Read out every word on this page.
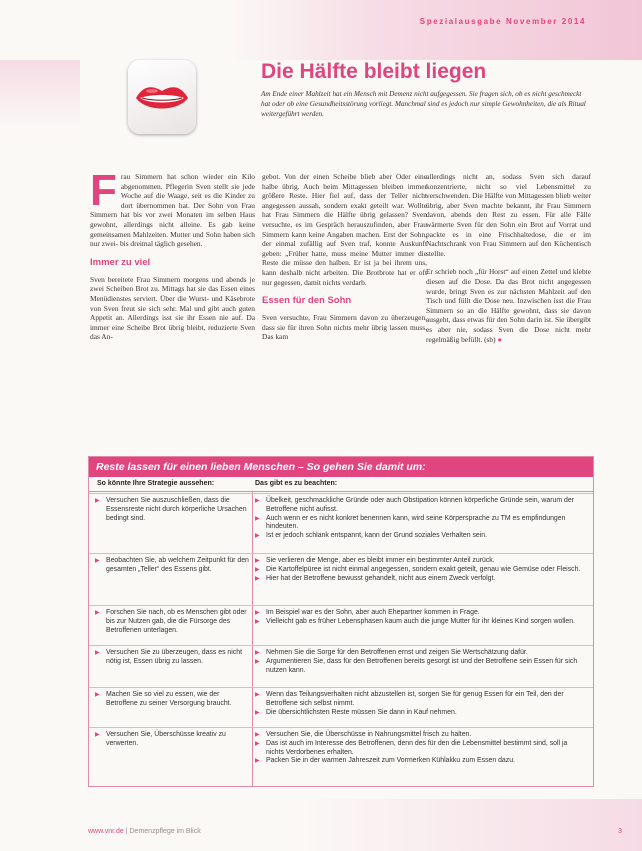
Spezialausgabe November 2014
Die Hälfte bleibt liegen
Am Ende einer Mahlzeit hat ein Mensch mit Demenz nicht aufgegessen. Sie fragen sich, ob es nicht geschmeckt hat oder ob eine Gesundheitsstörung vorliegt. Manchmal sind es jedoch nur simple Gewohnheiten, die als Ritual weitergeführt werden.
F rau Simmern hat schon wieder ein Kilo abgenommen. Pflegerin Sven stellt sie jede Woche auf die Waage, seit es die Kinder zu dort übernommen hat. Der Sohn von Frau Simmern hat bis vor zwei Monaten im selben Haus gewohnt, allerdings nicht alleine. Es gab keine gemeinsamen Mahlzeiten. Mutter und Sohn haben sich nur zwei- bis dreimal täglich gesehen.

Immer zu viel

Sven bereitete Frau Simmern morgens und abends je zwei Scheiben Brot zu. Mittags hat sie das Essen eines Menüdienstes serviert. Über die Wurst- und Käsebrote von Sven freut sie sich sehr. Mal und gibt auch guten Appetit an. Allerdings isst sie ihr Essen nie auf. Da immer eine Scheibe Brot übrig bleibt, reduzierte Sven das An-

gebot. Von der einen Scheibe blieb aber Oder eine halbe übrig. Auch beim Mittagessen bleiben immer größere Reste. Hier fiel auf, dass der Teller nicht angegessen aussah, sondern exakt geteilt war. Wollte hat Frau Simmern die Hälfte übrig gelassen? Sven versuchte, es im Gespräch herauszufinden, aber Frau Simmern kann keine Angaben machen. Erst der Sohn, der einmal zufällig auf Sven traf, konnte Auskunft geben: „Früher hatte, muss meine Mutter immer die Reste die müsse den halben. Er ist ja bei ihrem uns, kann deshalb nicht arbeiten. Die Brotbrote hat er oft nur gegessen, damit nichts verdarb.

Essen für den Sohn

Sven versuchte, Frau Simmern davon zu überzeugen, dass sie für ihren Sohn nichts mehr übrig lassen muss. Das kam

allerdings nicht an, sodass Sven sich darauf konzentrierte, nicht so viel Lebensmittel zu verschwenden. Die Hälfte von Mittagessen blieb weiter übrig, aber Sven machte bekannt, ihr Frau Simmern davon, abends den Rest zu essen. Für alle Fälle wärmerte Sven für den Sohn ein Brot auf Vorrat und packte es in eine Frischhaltedose, die er im Nachtschrank von Frau Simmern auf den Küchentisch stellte.

Er schrieb noch „für Horst“ auf einen Zettel und klebte diesen auf die Dose. Da das Brot nicht angegessen wurde, bringt Sven es zur nächsten Mahlzeit auf den Tisch und füllt die Dose neu. Inzwischen isst die Frau Simmern so an die Hälfte gewohnt, dass sie davon ausgeht, dass etwas für den Sohn darin ist. Sie übergibt es aber nie, sodass Sven die Dose nicht mehr regelmäßig befüllt. (sb) ●

Reste lassen für einen lieben Menschen – So gehen Sie damit um:
So könnte Ihre Strategie aussehen:	Das gibt es zu beachten:
▶ Versuchen Sie auszuschließen, dass die Essensreste nicht durch körperliche Ursachen bedingt sind.
▶ Übelkeit, geschmackliche Gründe oder auch Obstipation können körperliche Gründe sein, warum der Betroffene nicht aufisst.
▶ Auch wenn er es nicht konkret benennen kann, wird seine Körpersprache zu TM es empfindungen hindeuten.
▶ Ist er jedoch schlank entspannt, kann der Grund soziales Verhalten sein.
▶ Beobachten Sie, ab welchem Zeitpunkt für den gesamten „Teller“ des Essens gibt.
▶ Sie verlieren die Menge, aber es bleibt immer ein bestimmter Anteil zurück.
▶ Die Kartoffelpüree ist nicht einmal angegessen, sondern exakt geteilt, genau wie Gemüse oder Fleisch.
▶ Hier hat der Betroffene bewusst gehandelt, nicht aus einem Zweck verfolgt.
▶ Forschen Sie nach, ob es Menschen gibt oder bis zur Nutzen gab, die die Fürsorge des Betroffenen unterlagen.
▶ Im Beispiel war es der Sohn, aber auch Ehepartner kommen in Frage.
▶ Vielleicht gab es früher Lebensphasen kaum auch die junge Mutter für ihr kleines Kind sorgen wollen.
▶ Versuchen Sie zu überzeugen, dass es nicht nötig ist, Essen übrig zu lassen.
▶ Nehmen Sie die Sorge für den Betroffenen ernst und zeigen Sie Wertschätzung dafür.
▶ Argumentieren Sie, dass für den Betroffenen bereits gesorgt ist und der Betroffene sein Essen für sich nutzen kann.
▶ Machen Sie so viel zu essen, wie der Betroffene zu seiner Versorgung braucht.
▶ Wenn das Teilungsverhalten nicht abzustellen ist, sorgen Sie für genug Essen für ein Teil, den der Betroffene sich selbst nimmt.
▶ Die übersichtlichsten Reste müssen Sie dann in Kauf nehmen.
▶ Versuchen Sie, Überschüsse kreativ zu verwerten.
▶ Versuchen Sie, die Überschüsse in Nahrungsmittel frisch zu halten.
▶ Das ist auch im Interesse des Betroffenen, denn des für den die Lebensmittel bestimmt sind, soll ja nichts Verdorbenes erhalten.
▶ Packen Sie in der warmen Jahreszeit zum Vormerken Kühlakku zum Essen dazu.
www.vnr.de | Demenzpflege im Blick	3
